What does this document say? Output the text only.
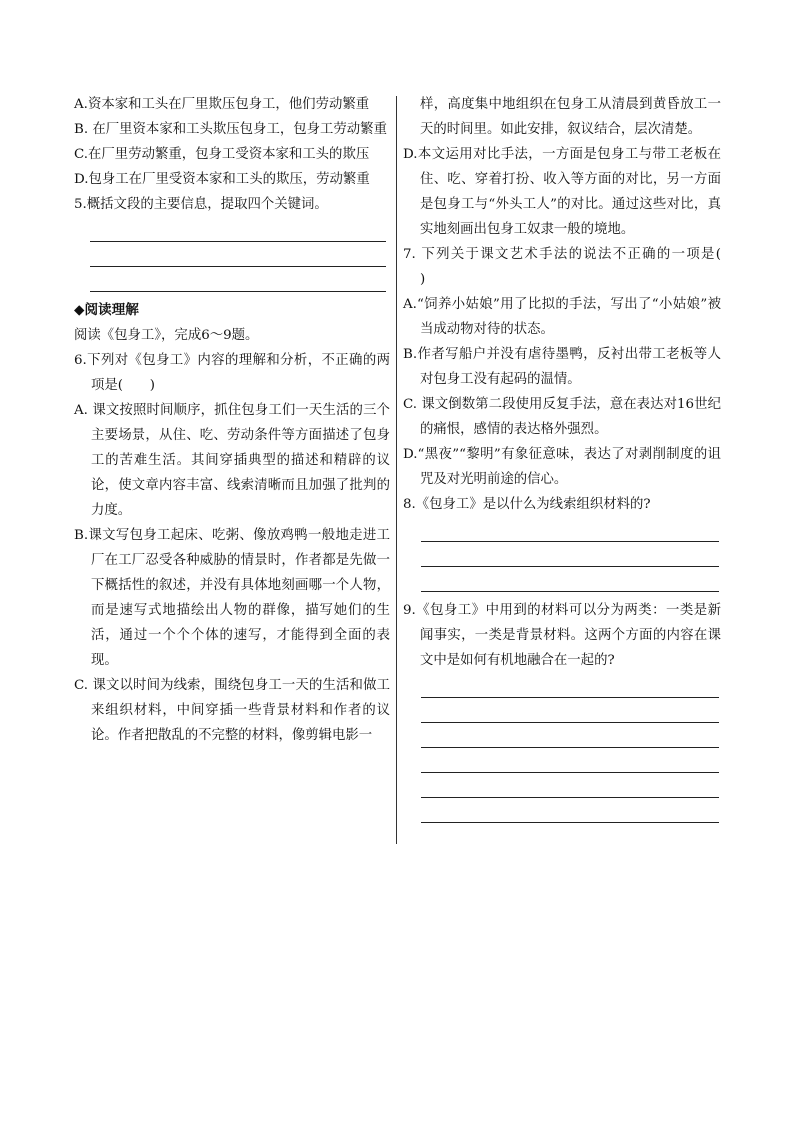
A.资本家和工头在厂里欺压包身工，他们劳动繁重
B. 在厂里资本家和工头欺压包身工，包身工劳动繁重
C.在厂里劳动繁重，包身工受资本家和工头的欺压
D.包身工在厂里受资本家和工头的欺压，劳动繁重
5.概括文段的主要信息，提取四个关键词。
◆阅读理解
阅读《包身工》，完成6～9题。
6.下列对《包身工》内容的理解和分析，不正确的两项是(　　)
A. 课文按照时间顺序，抓住包身工们一天生活的三个主要场景，从住、吃、劳动条件等方面描述了包身工的苦难生活。其间穿插典型的描述和精辟的议论，使文章内容丰富、线索清晰而且加强了批判的力度。
B.课文写包身工起床、吃粥、像放鸡鸭一般地走进工厂在工厂忍受各种威胁的情景时，作者都是先做一下概括性的叙述，并没有具体地刻画哪一个人物，而是速写式地描绘出人物的群像，描写她们的生活，通过一个个个体的速写，才能得到全面的表现。
C. 课文以时间为线索，围绕包身工一天的生活和做工来组织材料，中间穿插一些背景材料和作者的议论。作者把散乱的不完整的材料，像剪辑电影一
样，高度集中地组织在包身工从清晨到黄昏放工一天的时间里。如此安排，叙议结合，层次清楚。
D.本文运用对比手法，一方面是包身工与带工老板在住、吃、穿着打扮、收入等方面的对比，另一方面是包身工与“外头工人”的对比。通过这些对比，真实地刻画出包身工奴隶一般的境地。
7. 下列关于课文艺术手法的说法不正确的一项是(　　)
A.“饲养小姑娘”用了比拟的手法，写出了“小姑娘”被当成动物对待的状态。
B.作者写船户并没有虐待墨鸭，反衬出带工老板等人对包身工没有起码的温情。
C. 课文倒数第二段使用反复手法，意在表达对16世纪的痛恨，感情的表达格外强烈。
D.“黑夜”“黎明”有象征意味，表达了对剥削制度的诅咒及对光明前途的信心。
8.《包身工》是以什么为线索组织材料的?
9.《包身工》中用到的材料可以分为两类：一类是新闻事实，一类是背景材料。这两个方面的内容在课文中是如何有机地融合在一起的?
